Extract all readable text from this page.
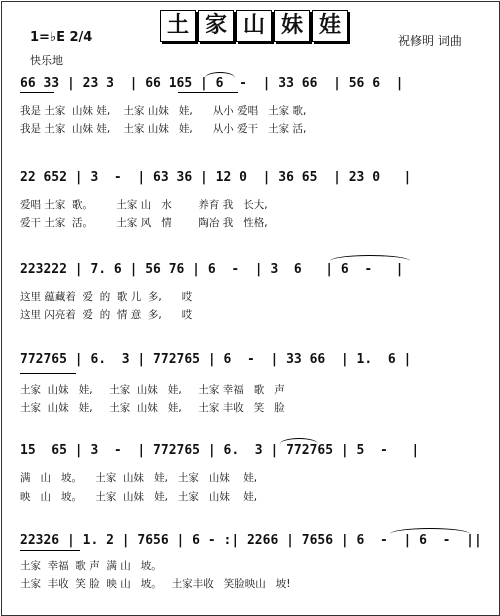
土

家

山

妹

娃

1=♭E 2/4
快乐地
祝修明 词曲
66 33 | 23 3  | 66 165 | 6  -  | 33 66  | 56 6  |
我是 土家  山妹 娃,    土家 山妹   娃,      从小 爱唱   土家 歌,
我是 土家  山妹 娃,    土家 山妹   娃,      从小 爱干   土家 活,
22 652 | 3  -  | 63 36 | 12 0  | 36 65  | 23 0   |
爱唱 土家  歌。       土家 山   水        养育 我   长大,
爱干 土家  活。       土家 风   情        陶冶 我   性格,
223222 | 7. 6 | 56 76 | 6  -  | 3  6   | 6  -   |
这里 蕴藏着  爱  的  歌 儿  多,      哎
这里 闪亮着  爱  的  情 意  多,      哎
772765 | 6.  3 | 772765 | 6  -  | 33 66  | 1.  6 |
土家  山妹   娃,     土家  山妹   娃,     土家 幸福   歌   声
土家  山妹   娃,     土家  山妹   娃,     土家 丰收   笑   脸
15  65 | 3  -  | 772765 | 6.  3 | 772765 | 5  -   |
满   山   坡。    土家  山妹   娃,   土家   山妹    娃,
映   山   坡。    土家  山妹   娃,   土家   山妹    娃,
22326 | 1. 2 | 7656 | 6 - :| 2266 | 7656 | 6  -  | 6  -  ||
土家  幸福  歌 声  满 山   坡。
土家  丰收  笑 脸  映 山   坡。   土家丰收   笑脸映山   坡!
